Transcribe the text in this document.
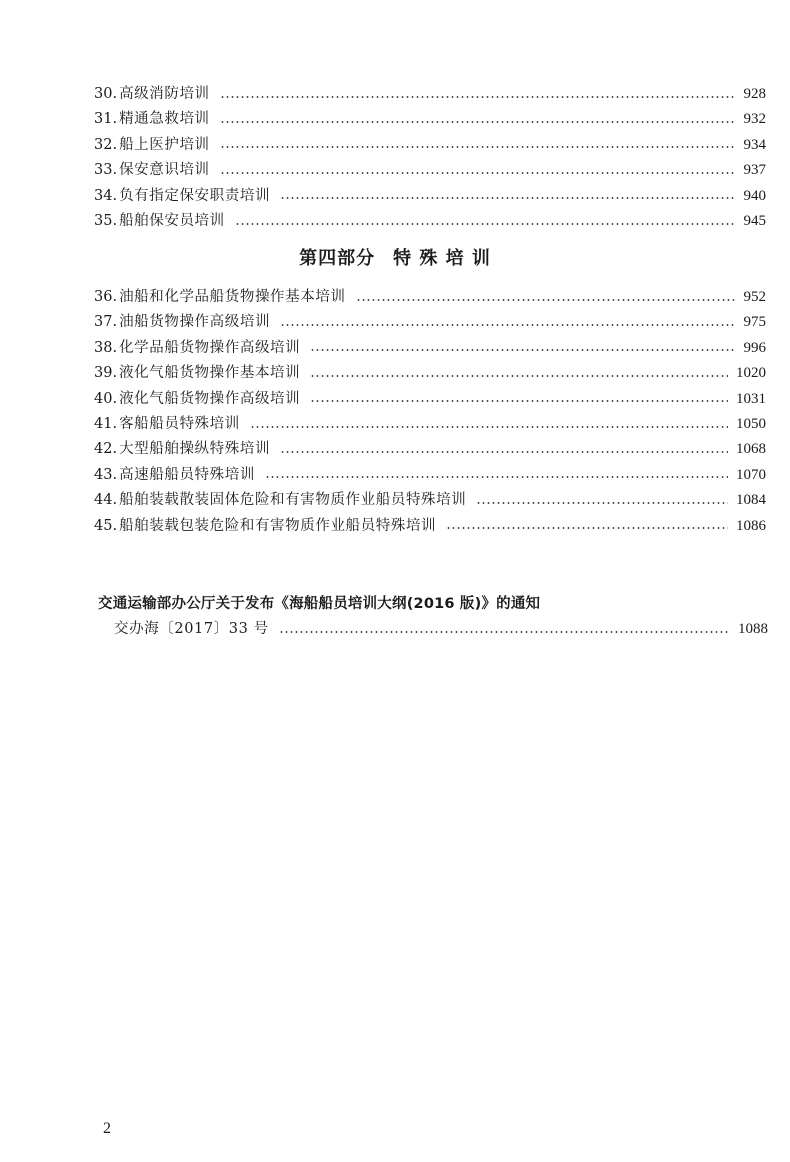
30. 高级消防培训	928
31. 精通急救培训	932
32. 船上医护培训	934
33. 保安意识培训	937
34. 负有指定保安职责培训	940
35. 船舶保安员培训	945
第四部分 特 殊 培 训
36. 油船和化学品船货物操作基本培训	952
37. 油船货物操作高级培训	975
38. 化学品船货物操作高级培训	996
39. 液化气船货物操作基本培训	1020
40. 液化气船货物操作高级培训	1031
41. 客船船员特殊培训	1050
42. 大型船舶操纵特殊培训	1068
43. 高速船船员特殊培训	1070
44. 船舶装载散装固体危险和有害物质作业船员特殊培训	1084
45. 船舶装载包装危险和有害物质作业船员特殊培训	1086
交通运输部办公厅关于发布《海船船员培训大纲(2016 版)》的通知
交办海〔2017〕33 号	1088
2
